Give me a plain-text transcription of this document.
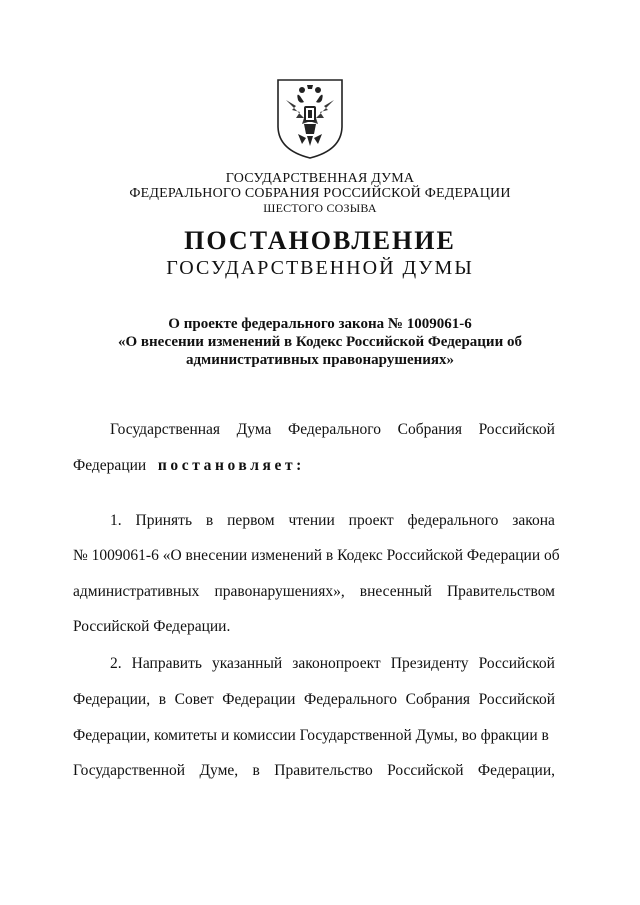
ГОСУДАРСТВЕННАЯ ДУМА
ФЕДЕРАЛЬНОГО СОБРАНИЯ РОССИЙСКОЙ ФЕДЕРАЦИИ
ШЕСТОГО СОЗЫВА
ПОСТАНОВЛЕНИЕ
ГОСУДАРСТВЕННОЙ ДУМЫ
О проекте федерального закона № 1009061-6
«О внесении изменений в Кодекс Российской Федерации об
административных правонарушениях»
Государственная Дума Федерального Собрания Российской
Федерации постановляет:
1. Принять в первом чтении проект федерального закона
№ 1009061-6 «О внесении изменений в Кодекс Российской Федерации об
административных правонарушениях», внесенный Правительством
Российской Федерации.
2. Направить указанный законопроект Президенту Российской
Федерации, в Совет Федерации Федерального Собрания Российской
Федерации, комитеты и комиссии Государственной Думы, во фракции в
Государственной Думе, в Правительство Российской Федерации,
